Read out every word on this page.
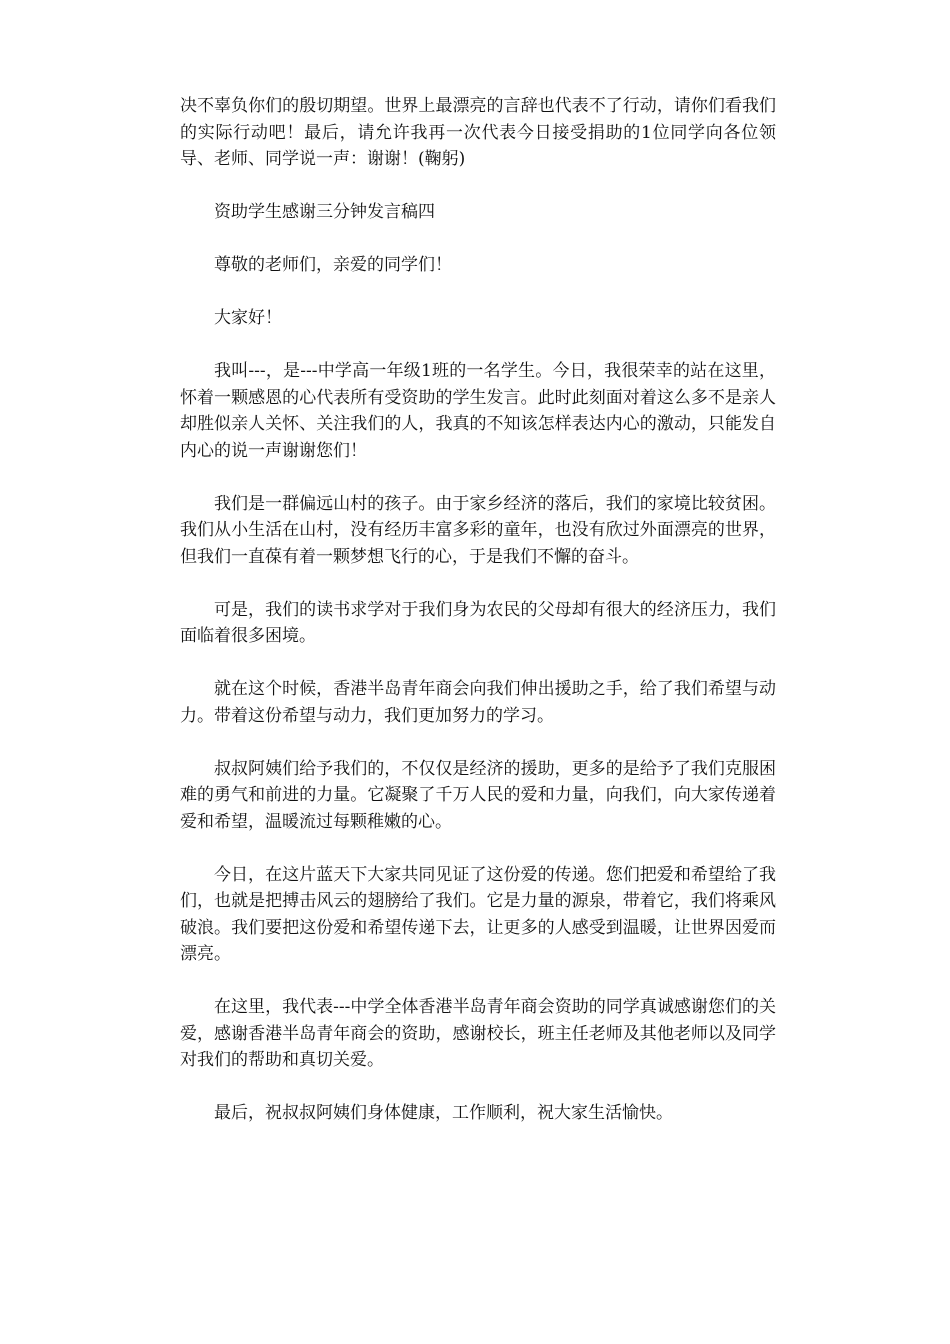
决不辜负你们的殷切期望。世界上最漂亮的言辞也代表不了行动，请你们看我们的实际行动吧！最后，请允许我再一次代表今日接受捐助的1位同学向各位领导、老师、同学说一声：谢谢！(鞠躬)

资助学生感谢三分钟发言稿四

尊敬的老师们，亲爱的同学们！

大家好！

我叫---，是---中学高一年级1班的一名学生。今日，我很荣幸的站在这里，怀着一颗感恩的心代表所有受资助的学生发言。此时此刻面对着这么多不是亲人却胜似亲人关怀、关注我们的人，我真的不知该怎样表达内心的激动，只能发自内心的说一声谢谢您们！

我们是一群偏远山村的孩子。由于家乡经济的落后，我们的家境比较贫困。我们从小生活在山村，没有经历丰富多彩的童年，也没有欣过外面漂亮的世界，但我们一直葆有着一颗梦想飞行的心，于是我们不懈的奋斗。

可是，我们的读书求学对于我们身为农民的父母却有很大的经济压力，我们面临着很多困境。

就在这个时候，香港半岛青年商会向我们伸出援助之手，给了我们希望与动力。带着这份希望与动力，我们更加努力的学习。

叔叔阿姨们给予我们的，不仅仅是经济的援助，更多的是给予了我们克服困难的勇气和前进的力量。它凝聚了千万人民的爱和力量，向我们，向大家传递着爱和希望，温暖流过每颗稚嫩的心。

今日，在这片蓝天下大家共同见证了这份爱的传递。您们把爱和希望给了我们，也就是把搏击风云的翅膀给了我们。它是力量的源泉，带着它，我们将乘风破浪。我们要把这份爱和希望传递下去，让更多的人感受到温暖，让世界因爱而漂亮。

在这里，我代表---中学全体香港半岛青年商会资助的同学真诚感谢您们的关爱，感谢香港半岛青年商会的资助，感谢校长，班主任老师及其他老师以及同学对我们的帮助和真切关爱。

最后，祝叔叔阿姨们身体健康，工作顺利，祝大家生活愉快。
